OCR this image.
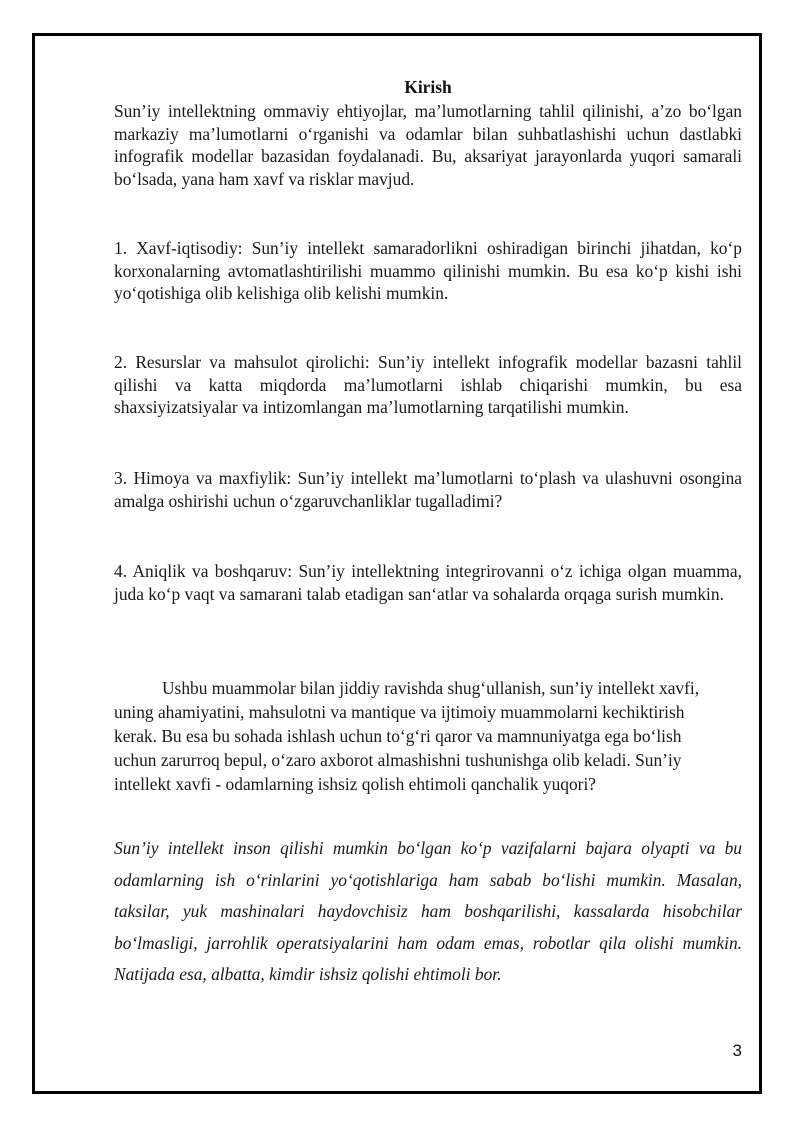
Kirish
Sun’iy intellektning ommaviy ehtiyojlar, ma’lumotlarning tahlil qilinishi, a’zo bo‘lgan markaziy ma’lumotlarni o‘rganishi va odamlar bilan suhbatlashishi uchun dastlabki infografik modellar bazasidan foydalanadi. Bu, aksariyat jarayonlarda yuqori samarali bo‘lsada, yana ham xavf va risklar mavjud.
1. Xavf-iqtisodiy: Sun’iy intellekt samaradorlikni oshiradigan birinchi jihatdan, ko‘p korxonalarning avtomatlashtirilishi muammo qilinishi mumkin. Bu esa ko‘p kishi ishi yo‘qotishiga olib kelishiga olib kelishi mumkin.
2. Resurslar va mahsulot qirolichi: Sun’iy intellekt infografik modellar bazasni tahlil qilishi va katta miqdorda ma’lumotlarni ishlab chiqarishi mumkin, bu esa shaxsiyizatsiyalar va intizomlangan ma’lumotlarning tarqatilishi mumkin.
3. Himoya va maxfiylik: Sun’iy intellekt ma’lumotlarni to‘plash va ulashuvni osongina amalga oshirishi uchun o‘zgaruvchanliklar tugalladimi?
4. Aniqlik va boshqaruv: Sun’iy intellektning integrirovanni o‘z ichiga olgan muamma, juda ko‘p vaqt va samarani talab etadigan san‘atlar va sohalarda orqaga surish mumkin.
Ushbu muammolar bilan jiddiy ravishda shug‘ullanish, sun’iy intellekt xavfi, uning ahamiyatini, mahsulotni va mantique va ijtimoiy muammolarni kechiktirish kerak. Bu esa bu sohada ishlash uchun to‘g‘ri qaror va mamnuniyatga ega bo‘lish uchun zarurroq bepul, o‘zaro axborot almashishni tushunishga olib keladi. Sun’iy intellekt xavfi - odamlarning ishsiz qolish ehtimoli qanchalik yuqori?
Sun’iy intellekt inson qilishi mumkin bo‘lgan ko‘p vazifalarni bajara olyapti va bu odamlarning ish o‘rinlarini yo‘qotishlariga ham sabab bo‘lishi mumkin. Masalan, taksilar, yuk mashinalari haydovchisiz ham boshqarilishi, kassalarda hisobchilar bo‘lmasligi, jarrohlik operatsiyalarini ham odam emas, robotlar qila olishi mumkin. Natijada esa, albatta, kimdir ishsiz qolishi ehtimoli bor.
3
